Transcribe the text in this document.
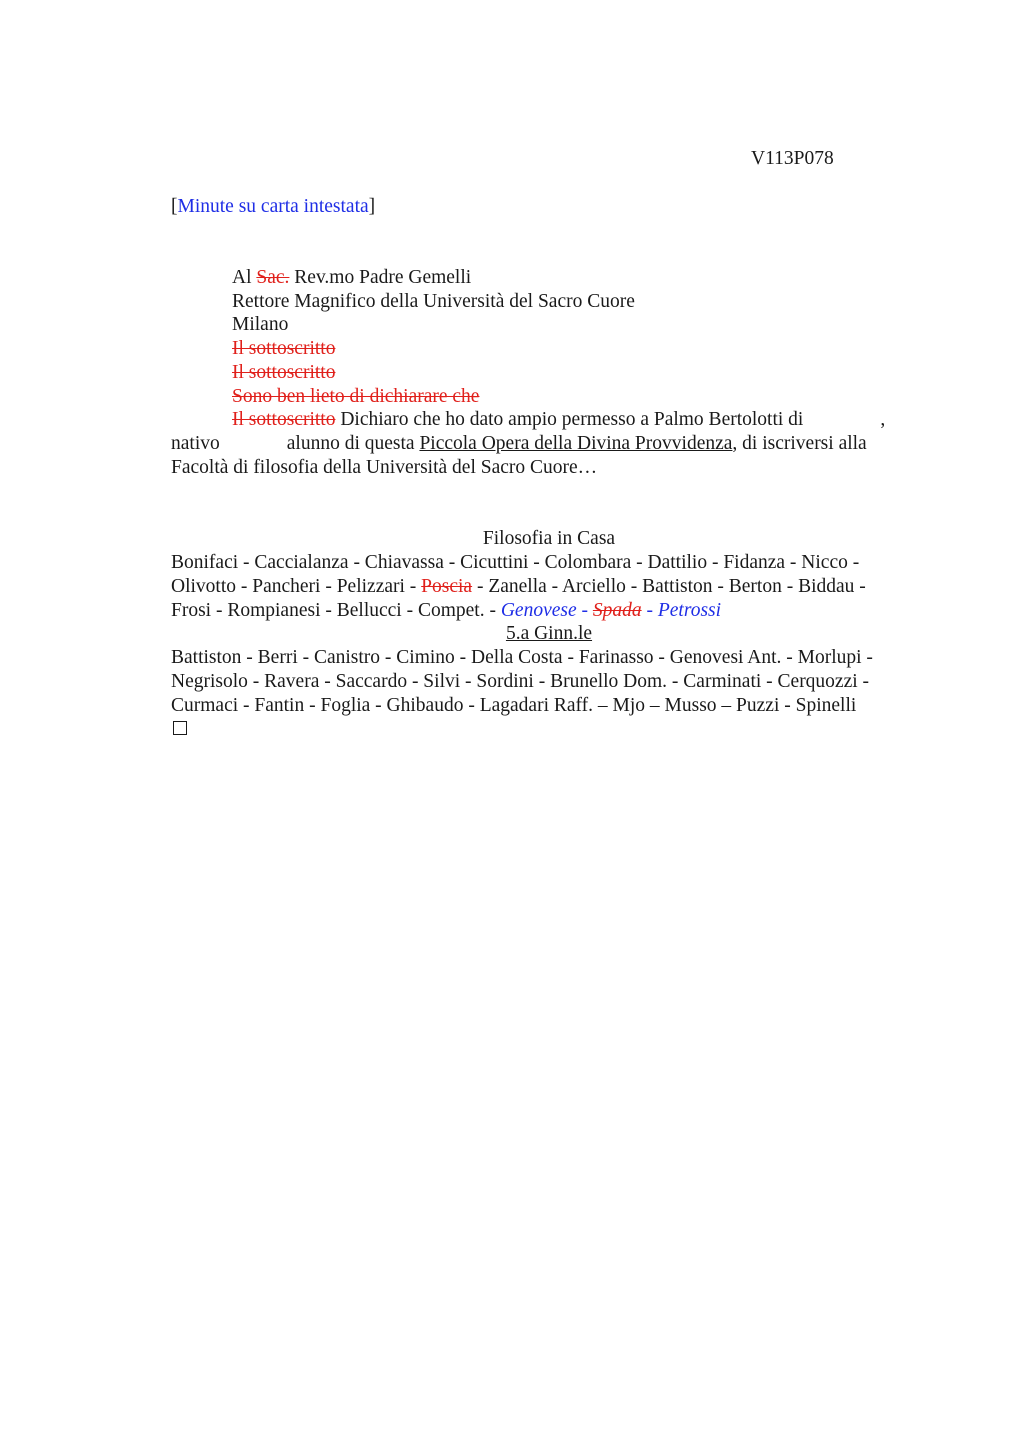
V113P078
[Minute su carta intestata]
Al Sac. Rev.mo Padre Gemelli
Rettore Magnifico della Università del Sacro Cuore
Milano
Il sottoscritto
Il sottoscritto
Sono ben lieto di dichiarare che
Il sottoscritto Dichiaro che ho dato ampio permesso a Palmo Bertolotti di	,
nativo	alunno di questa Piccola Opera della Divina Provvidenza, di iscriversi alla
Facoltà di filosofia della Università del Sacro Cuore…
Filosofia in Casa
Bonifaci - Caccialanza - Chiavassa - Cicuttini - Colombara - Dattilio - Fidanza - Nicco -
Olivotto - Pancheri - Pelizzari - Poscia - Zanella - Arciello - Battiston - Berton - Biddau -
Frosi - Rompianesi - Bellucci - Compet. - Genovese - Spada - Petrossi
5.a Ginn.le
Battiston - Berri - Canistro - Cimino - Della Costa - Farinasso - Genovesi Ant. - Morlupi -
Negrisolo - Ravera - Saccardo - Silvi - Sordini - Brunello Dom. - Carminati - Cerquozzi -
Curmaci - Fantin - Foglia - Ghibaudo - Lagadari Raff. – Mjo – Musso – Puzzi - Spinelli
